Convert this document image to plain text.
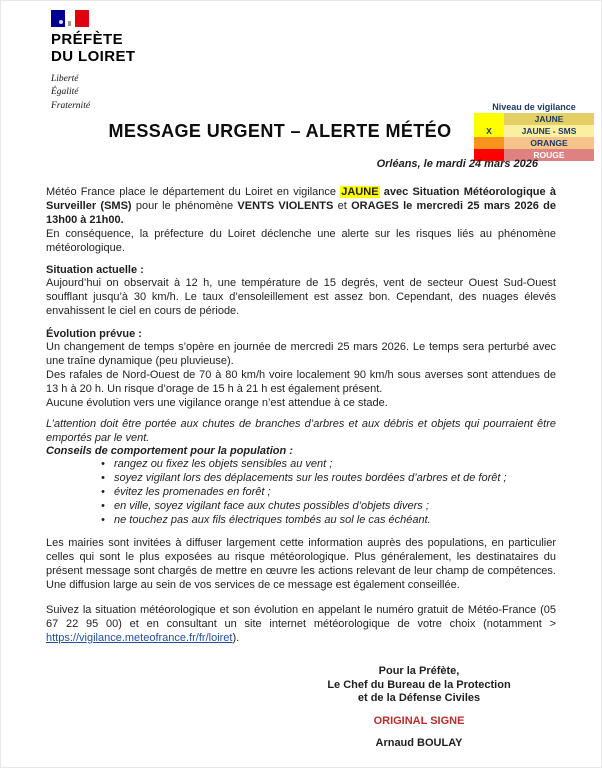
PRÉFÈTE
DU LOIRET
Liberté
Égalité
Fraternité	Niveau de vigilance
JAUNE
X	JAUNE - SMS
ORANGE
ROUGE
MESSAGE URGENT – ALERTE MÉTÉO
Orléans, le mardi 24 mars 2026

Météo France place le département du Loiret en vigilance JAUNE avec Situation Météorologique à Surveiller (SMS) pour le phénomène VENTS VIOLENTS et ORAGES le mercredi 25 mars 2026 de 13h00 à 21h00.

En conséquence, la préfecture du Loiret déclenche une alerte sur les risques liés au phénomène météorologique.

Situation actuelle :

Aujourd’hui on observait à 12 h, une température de 15 degrés, vent de secteur Ouest Sud-Ouest soufflant jusqu’à 30 km/h. Le taux d’ensoleillement est assez bon. Cependant, des nuages élevés envahissent le ciel en cours de période.

Évolution prévue :

Un changement de temps s’opère en journée de mercredi 25 mars 2026. Le temps sera perturbé avec une traîne dynamique (peu pluvieuse).

Des rafales de Nord-Ouest de 70 à 80 km/h voire localement 90 km/h sous averses sont attendues de 13 h à 20 h. Un risque d’orage de 15 h à 21 h est également présent.

Aucune évolution vers une vigilance orange n’est attendue à ce stade.

L’attention doit être portée aux chutes de branches d’arbres et aux débris et objets qui pourraient être emportés par le vent.

Conseils de comportement pour la population :
• rangez ou fixez les objets sensibles au vent ;
• soyez vigilant lors des déplacements sur les routes bordées d’arbres et de forêt ;
• évitez les promenades en forêt ;
• en ville, soyez vigilant face aux chutes possibles d’objets divers ;
• ne touchez pas aux fils électriques tombés au sol le cas échéant.

Les mairies sont invitées à diffuser largement cette information auprès des populations, en particulier celles qui sont le plus exposées au risque météorologique. Plus généralement, les destinataires du présent message sont chargés de mettre en œuvre les actions relevant de leur champ de compétences. Une diffusion large au sein de vos services de ce message est également conseillée.

Suivez la situation météorologique et son évolution en appelant le numéro gratuit de Météo-France (05 67 22 95 00) et en consultant un site internet météorologique de votre choix (notamment > https://vigilance.meteofrance.fr/fr/loiret).

Pour la Préfète,
Le Chef du Bureau de la Protection
et de la Défense Civiles
ORIGINAL SIGNE
Arnaud BOULAY
